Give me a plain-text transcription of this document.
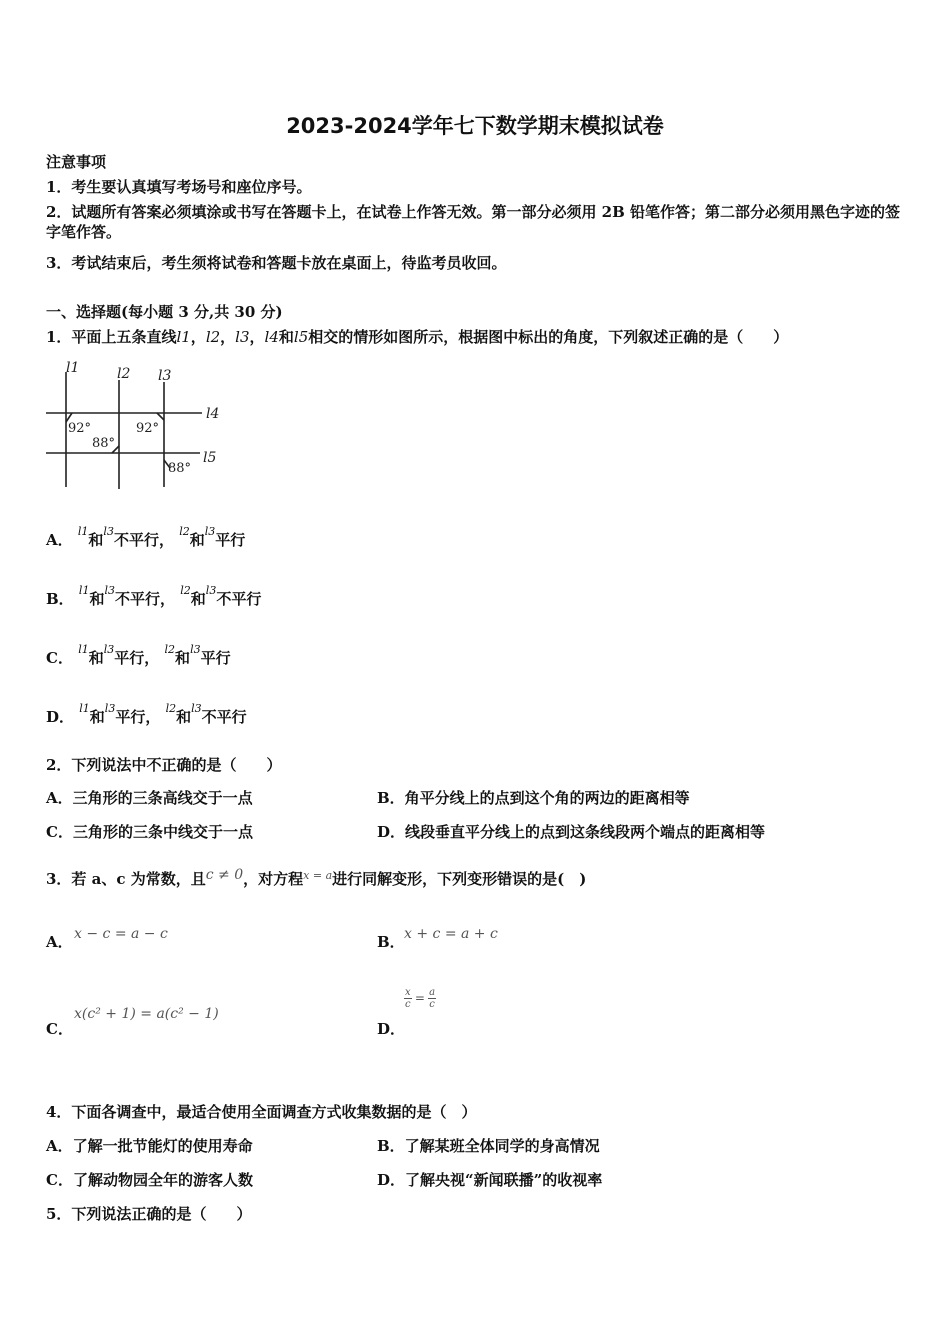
2023-2024学年七下数学期末模拟试卷
注意事项
1．考生要认真填写考场号和座位序号。
2．试题所有答案必须填涂或书写在答题卡上，在试卷上作答无效。第一部分必须用 2B 铅笔作答；第二部分必须用黑色字迹的签字笔作答。
3．考试结束后，考生须将试卷和答题卡放在桌面上，待监考员收回。
一、选择题(每小题 3 分,共 30 分)
1．平面上五条直线l1，l2，l3，l4和l5相交的情形如图所示，根据图中标出的角度，下列叙述正确的是（　　）
l1	l2 l3
l4
l5
92°
88°
92°
88°
A． $^{l1}$和$^{l3}$不平行， $^{l2}$和$^{l3}$平行
B． $^{l1}$和$^{l3}$不平行， $^{l2}$和$^{l3}$不平行
C． $^{l1}$和$^{l3}$平行， $^{l2}$和$^{l3}$平行
D． $^{l1}$和$^{l3}$平行， $^{l2}$和$^{l3}$不平行
2．下列说法中不正确的是（　　）
A．三角形的三条高线交于一点	B．角平分线上的点到这个角的两边的距离相等
C．三角形的三条中线交于一点	D．线段垂直平分线上的点到这条线段两个端点的距离相等
3．若 a、c 为常数，且c ≠ 0，对方程$^{x = a}$进行同解变形，下列变形错误的是(　)
A． x − c = a − c	B． x + c = a + c
C．
x(c² + 1) = a(c² − 1)
D．
$\frac{x}{c} = \frac{a}{c}$
4．下面各调查中，最适合使用全面调查方式收集数据的是（　）
A．了解一批节能灯的使用寿命	B．了解某班全体同学的身高情况
C．了解动物园全年的游客人数	D．了解央视“新闻联播”的收视率
5．下列说法正确的是（　　）
